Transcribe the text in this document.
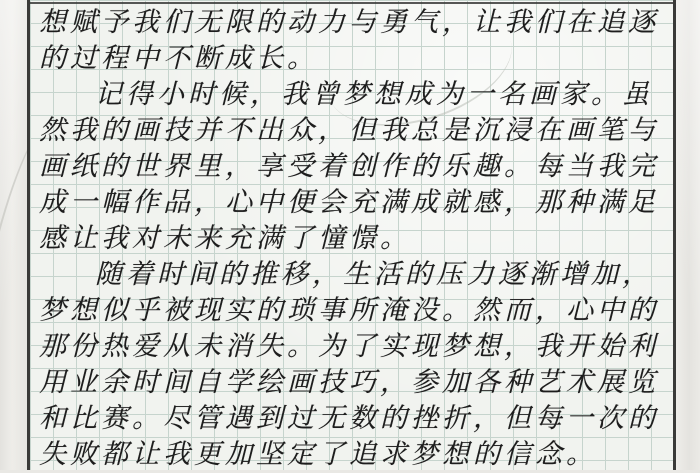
想赋予我们无限的动力与勇气，让我们在追逐
的过程中不断成长。
记得小时候，我曾梦想成为一名画家。虽
然我的画技并不出众，但我总是沉浸在画笔与
画纸的世界里，享受着创作的乐趣。每当我完
成一幅作品，心中便会充满成就感，那种满足
感让我对未来充满了憧憬。
随着时间的推移，生活的压力逐渐增加，
梦想似乎被现实的琐事所淹没。然而，心中的
那份热爱从未消失。为了实现梦想，我开始利
用业余时间自学绘画技巧，参加各种艺术展览
和比赛。尽管遇到过无数的挫折，但每一次的
失败都让我更加坚定了追求梦想的信念。
